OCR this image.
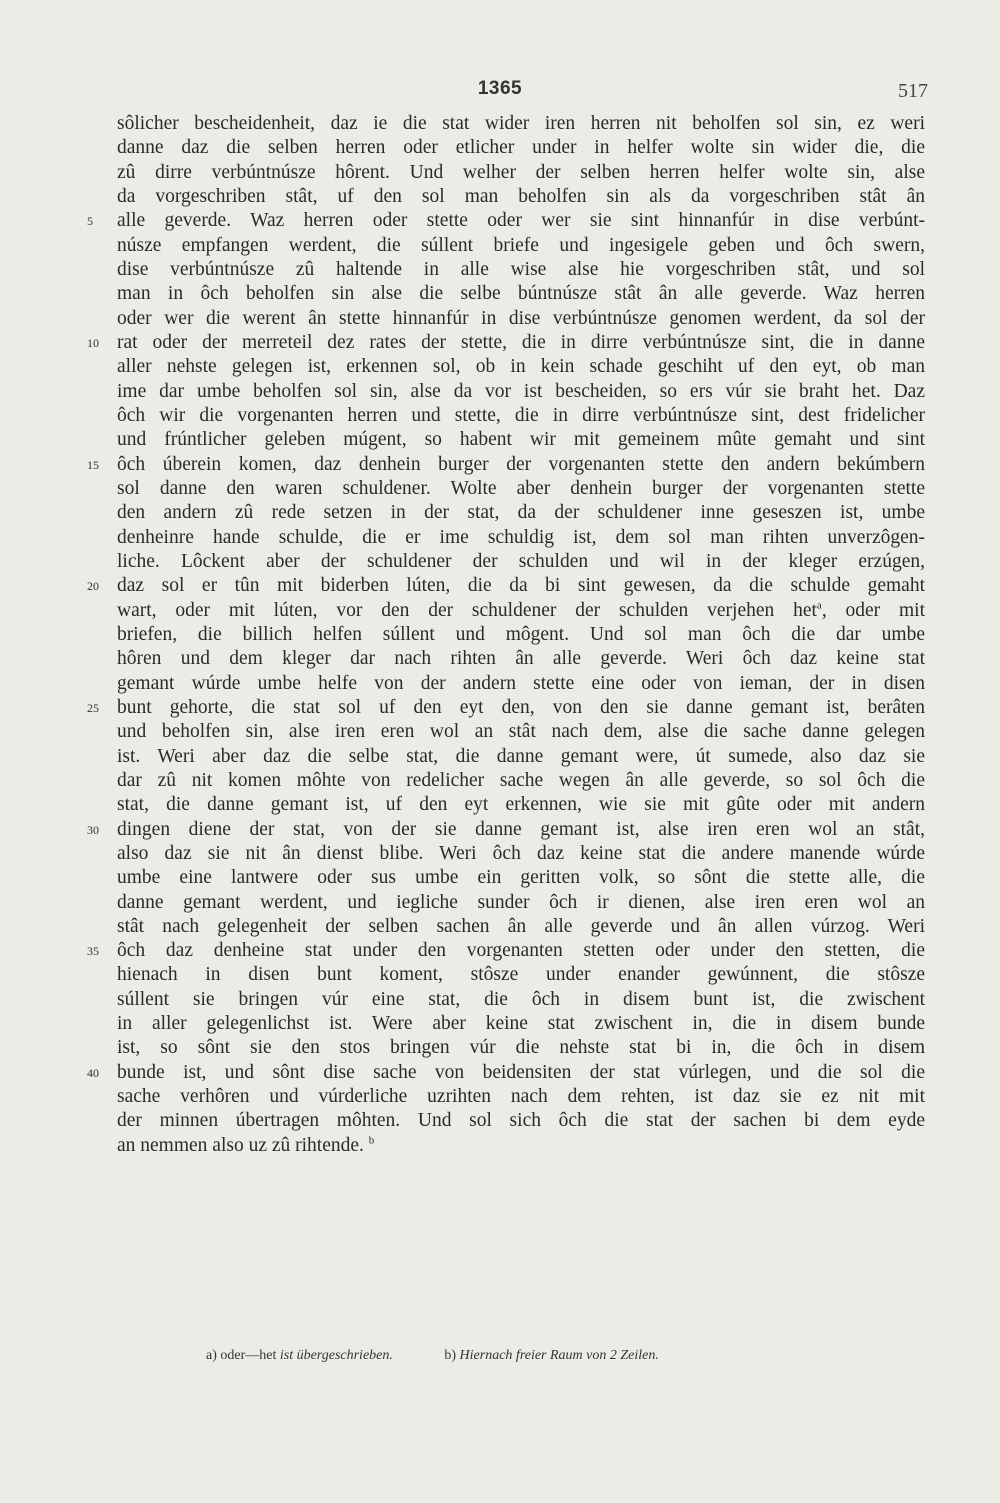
1365	517
sôlicher bescheidenheit, daz ie die stat wider iren herren nit beholfen sol sin, ez weri
danne daz die selben herren oder etlicher under in helfer wolte sin wider die, die
zû dirre verbúntnúsze hôrent. Und welher der selben herren helfer wolte sin, alse
da vorgeschriben stât, uf den sol man beholfen sin als da vorgeschriben stât ân
5	alle geverde. Waz herren oder stette oder wer sie sint hinnanfúr in dise verbúnt-
núsze empfangen werdent, die súllent briefe und ingesigele geben und ôch swern,
dise verbúntnúsze zû haltende in alle wise alse hie vorgeschriben stât, und sol
man in ôch beholfen sin alse die selbe búntnúsze stât ân alle geverde. Waz herren
oder wer die werent ân stette hinnanfúr in dise verbúntnúsze genomen werdent, da sol der
10 rat oder der merreteil dez rates der stette, die in dirre verbúntnúsze sint, die in danne
aller nehste gelegen ist, erkennen sol, ob in kein schade geschiht uf den eyt, ob man
ime dar umbe beholfen sol sin, alse da vor ist bescheiden, so ers vúr sie braht het. Daz
ôch wir die vorgenanten herren und stette, die in dirre verbúntnúsze sint, dest fridelicher
und frúntlicher geleben múgent, so habent wir mit gemeinem mûte gemaht und sint
15 ôch úberein komen, daz denhein burger der vorgenanten stette den andern bekúmbern
sol danne den waren schuldener. Wolte aber denhein burger der vorgenanten stette
den andern zû rede setzen in der stat, da der schuldener inne geseszen ist, umbe
denheinre hande schulde, die er ime schuldig ist, dem sol man rihten unverzôgen-
liche. Lôckent aber der schuldener der schulden und wil in der kleger erzúgen,
20 daz sol er tûn mit biderben lúten, die da bi sint gewesen, da die schulde gemaht
wart, oder mit lúten, vor den der schuldener der schulden verjehen het$^a$, oder mit
briefen, die billich helfen súllent und môgent. Und sol man ôch die dar umbe
hôren und dem kleger dar nach rihten ân alle geverde. Weri ôch daz keine stat
gemant wúrde umbe helfe von der andern stette eine oder von ieman, der in disen
25 bunt gehorte, die stat sol uf den eyt den, von den sie danne gemant ist, berâten
und beholfen sin, alse iren eren wol an stât nach dem, alse die sache danne gelegen
ist. Weri aber daz die selbe stat, die danne gemant were, út sumede, also daz sie
dar zû nit komen môhte von redelicher sache wegen ân alle geverde, so sol ôch die
stat, die danne gemant ist, uf den eyt erkennen, wie sie mit gûte oder mit andern
30 dingen diene der stat, von der sie danne gemant ist, alse iren eren wol an stât,
also daz sie nit ân dienst blibe. Weri ôch daz keine stat die andere manende wúrde
umbe eine lantwere oder sus umbe ein geritten volk, so sônt die stette alle, die
danne gemant werdent, und iegliche sunder ôch ir dienen, alse iren eren wol an
stât nach gelegenheit der selben sachen ân alle geverde und ân allen vúrzog. Weri
35 ôch daz denheine stat under den vorgenanten stetten oder under den stetten, die
hienach in disen bunt koment, stôsze under enander gewúnnent, die stôsze
súllent sie bringen vúr eine stat, die ôch in disem bunt ist, die zwischent
in aller gelegenlichst ist. Were aber keine stat zwischent in, die in disem bunde
ist, so sônt sie den stos bringen vúr die nehste stat bi in, die ôch in disem
40 bunde ist, und sônt dise sache von beidensiten der stat vúrlegen, und die sol die
sache verhôren und vúrderliche uzrihten nach dem rehten, ist daz sie ez nit mit
der minnen úbertragen môhten. Und sol sich ôch die stat der sachen bi dem eyde
an nemmen also uz zû rihtende. $^b$
a) oder—het ist übergeschrieben.	b) Hiernach freier Raum von 2 Zeilen.
